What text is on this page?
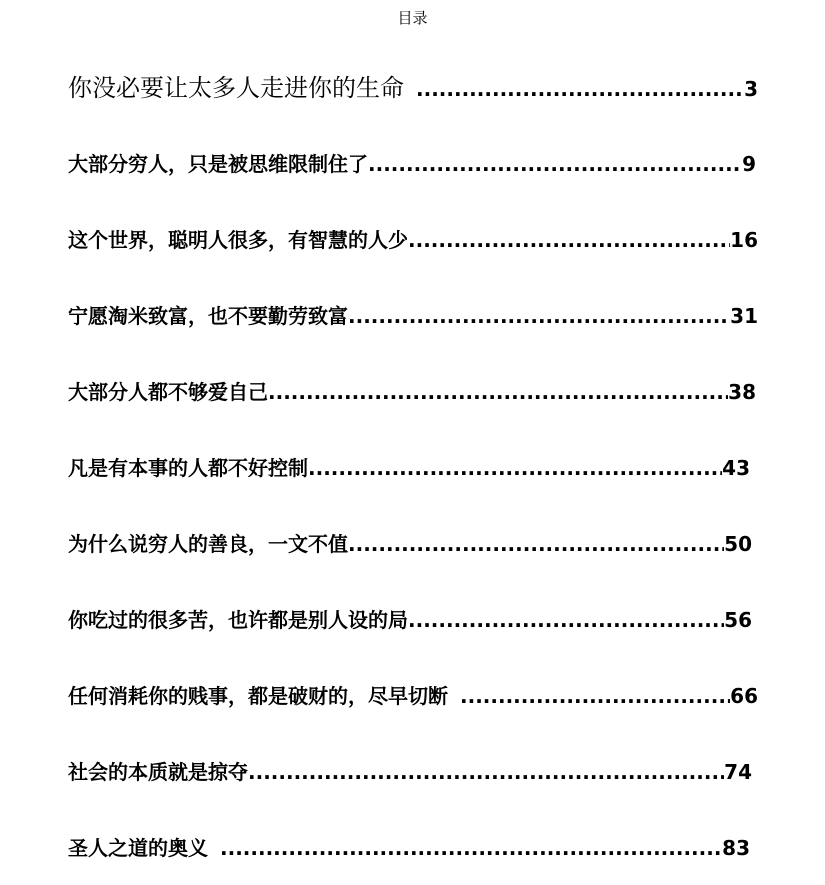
目录
你没必要让太多人走进你的生命 .....	3
大部分穷人，只是被思维限制住了 .....	9
这个世界，聪明人很多，有智慧的人少 .....	16
宁愿淘米致富，也不要勤劳致富 .....	31
大部分人都不够爱自己 .....	38
凡是有本事的人都不好控制 .....	43
为什么说穷人的善良，一文不值 .....	50
你吃过的很多苦，也许都是别人设的局 .....	56
任何消耗你的贱事，都是破财的，尽早切断 .....	66
社会的本质就是掠夺 .....	74
圣人之道的奥义 .....	83
